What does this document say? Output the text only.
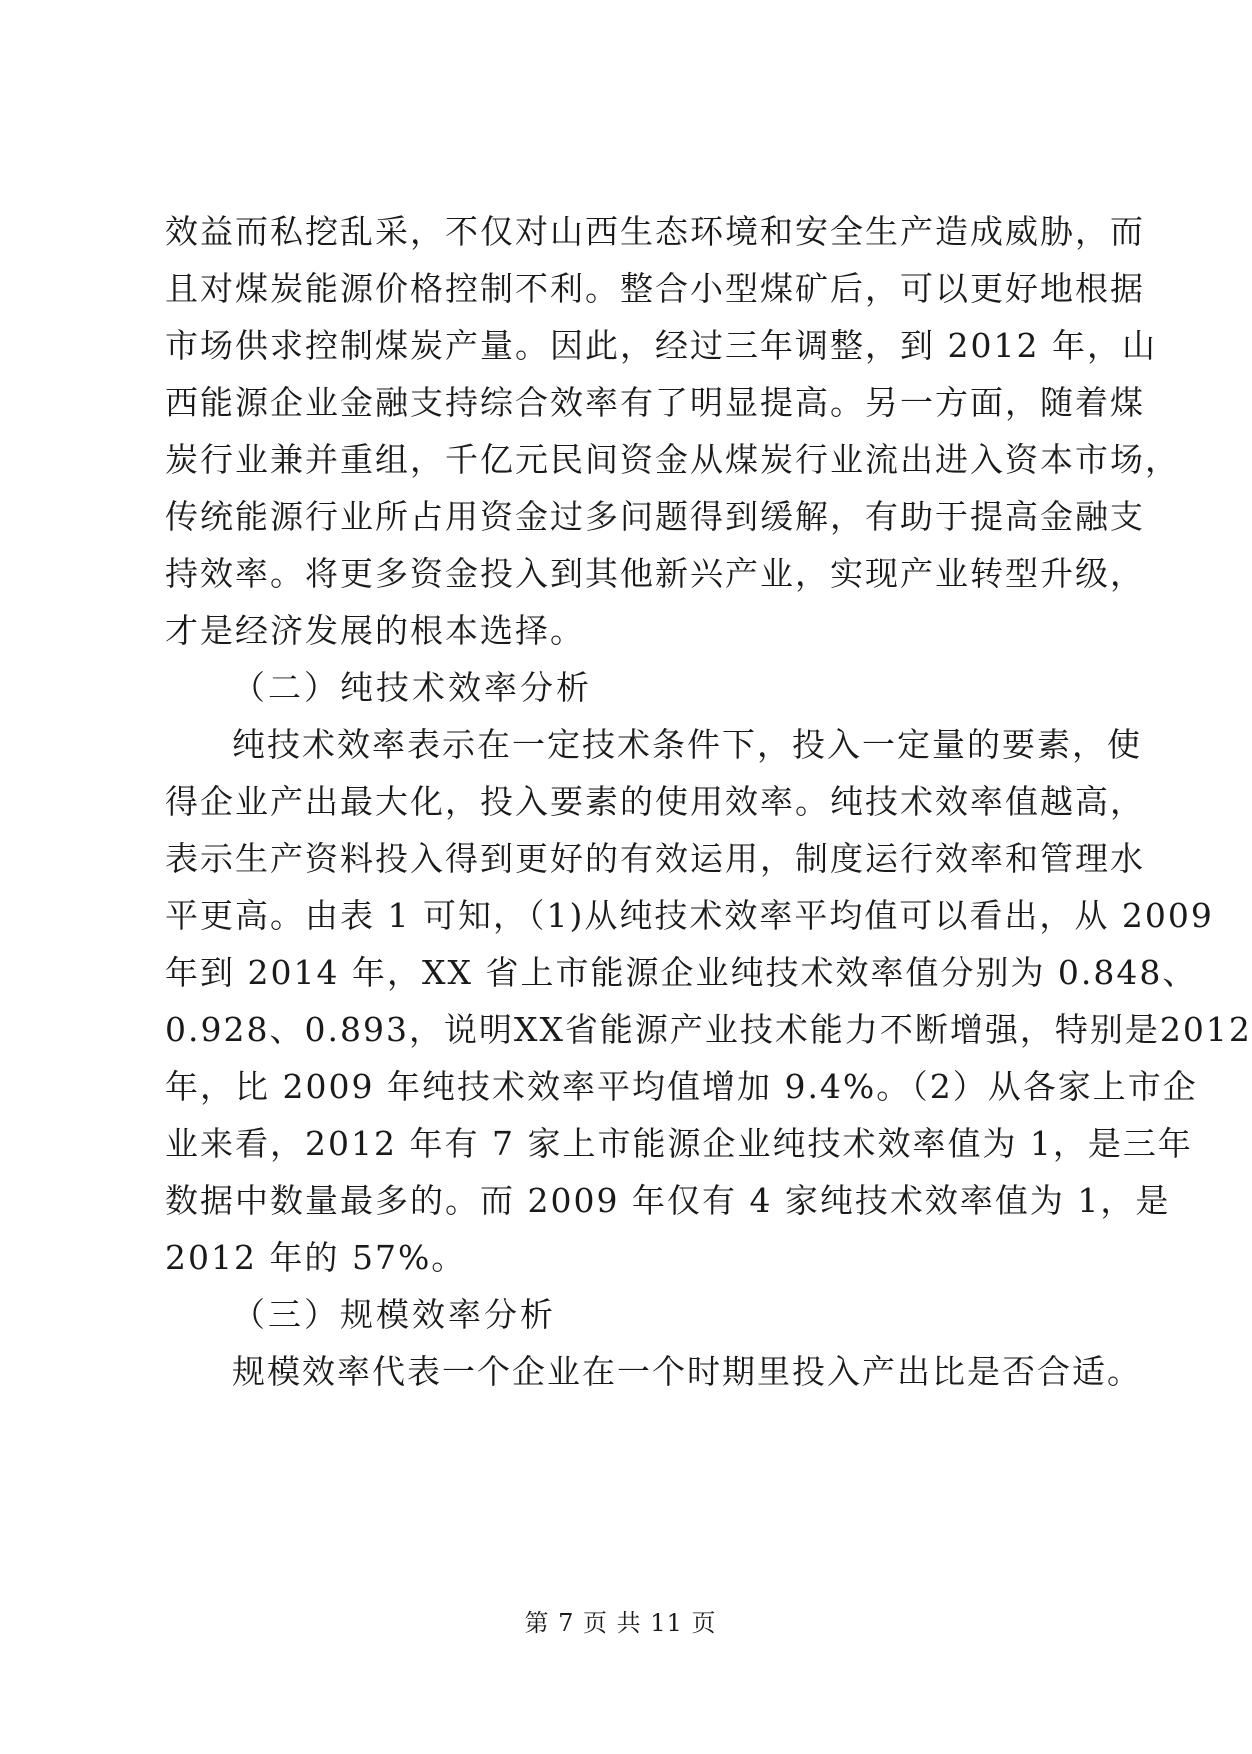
效益而私挖乱采，不仅对山西生态环境和安全生产造成威胁，而
且对煤炭能源价格控制不利。整合小型煤矿后，可以更好地根据
市场供求控制煤炭产量。因此，经过三年调整，到 2012 年，山
西能源企业金融支持综合效率有了明显提高。另一方面，随着煤
炭行业兼并重组，千亿元民间资金从煤炭行业流出进入资本市场，
传统能源行业所占用资金过多问题得到缓解，有助于提高金融支
持效率。将更多资金投入到其他新兴产业，实现产业转型升级，
才是经济发展的根本选择。
（二）纯技术效率分析
纯技术效率表示在一定技术条件下，投入一定量的要素，使
得企业产出最大化，投入要素的使用效率。纯技术效率值越高，
表示生产资料投入得到更好的有效运用，制度运行效率和管理水
平更高。由表 1 可知，（1)从纯技术效率平均值可以看出，从 2009
年到 2014 年，XX 省上市能源企业纯技术效率值分别为 0.848、
0.928、0.893，说明XX省能源产业技术能力不断增强，特别是2012
年，比 2009 年纯技术效率平均值增加 9.4%。（2）从各家上市企
业来看，2012 年有 7 家上市能源企业纯技术效率值为 1，是三年
数据中数量最多的。而 2009 年仅有 4 家纯技术效率值为 1，是
2012 年的 57%。
（三）规模效率分析
规模效率代表一个企业在一个时期里投入产出比是否合适。
第 7 页 共 11 页
